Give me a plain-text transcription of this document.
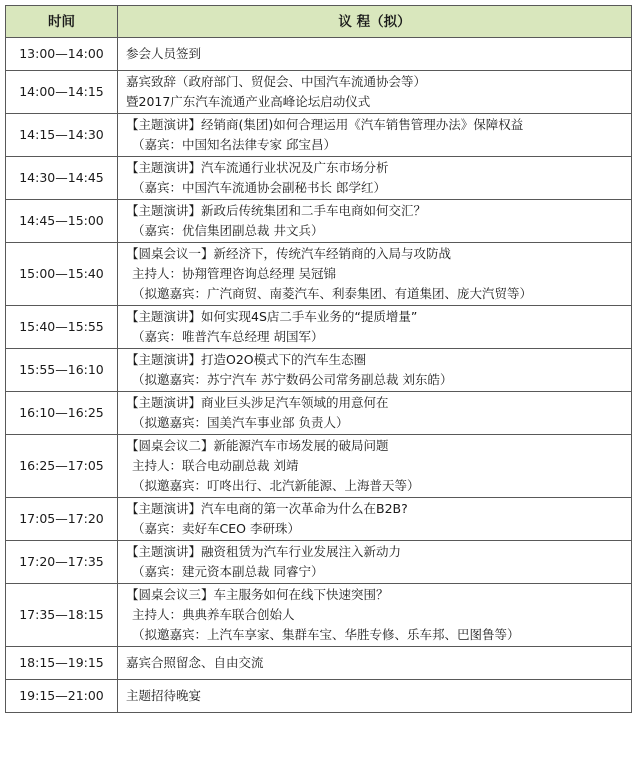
时间	议 程（拟）
13:00—14:00	参会人员签到

14:00—14:15	嘉宾致辞（政府部门、贸促会、中国汽车流通协会等）
暨2017广东汽车流通产业高峰论坛启动仪式

14:15—14:30	【主题演讲】经销商(集团)如何合理运用《汽车销售管理办法》保障权益
（嘉宾：中国知名法律专家 邱宝昌）

14:30—14:45	【主题演讲】汽车流通行业状况及广东市场分析
（嘉宾：中国汽车流通协会副秘书长 郎学红）

14:45—15:00	【主题演讲】新政后传统集团和二手车电商如何交汇？
（嘉宾：优信集团副总裁 井文兵）

15:00—15:40	【圆桌会议一】新经济下，传统汽车经销商的入局与攻防战
主持人：协翔管理咨询总经理 吴冠锦
（拟邀嘉宾：广汽商贸、南菱汽车、利泰集团、有道集团、庞大汽贸等）

15:40—15:55	【主题演讲】如何实现4S店二手车业务的“提质增量”
（嘉宾：唯普汽车总经理 胡国军）

15:55—16:10	【主题演讲】打造O2O模式下的汽车生态圈
（拟邀嘉宾：苏宁汽车 苏宁数码公司常务副总裁 刘东皓）

16:10—16:25	【主题演讲】商业巨头涉足汽车领域的用意何在
（拟邀嘉宾：国美汽车事业部 负责人）

16:25—17:05	【圆桌会议二】新能源汽车市场发展的破局问题
主持人：联合电动副总裁 刘靖
（拟邀嘉宾：叮咚出行、北汽新能源、上海普天等）

17:05—17:20	【主题演讲】汽车电商的第一次革命为什么在B2B?
（嘉宾：卖好车CEO 李研珠）

17:20—17:35	【主题演讲】融资租赁为汽车行业发展注入新动力
（嘉宾：建元资本副总裁 同睿宁）

17:35—18:15	【圆桌会议三】车主服务如何在线下快速突围？
主持人：典典养车联合创始人
（拟邀嘉宾：上汽车享家、集群车宝、华胜专修、乐车邦、巴图鲁等）

18:15—19:15	嘉宾合照留念、自由交流

19:15—21:00	主题招待晚宴
